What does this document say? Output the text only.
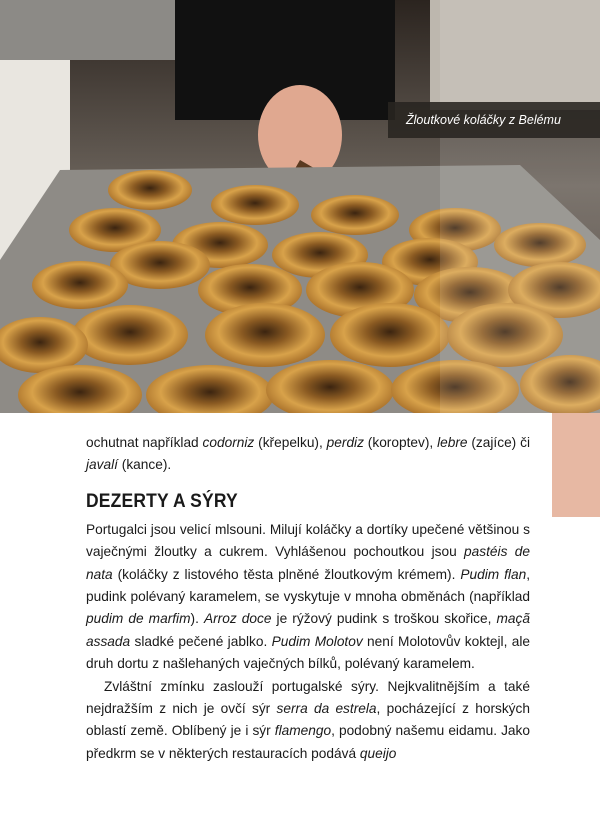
Žloutkové koláčky z Belému

ochutnat například codorniz (křepelku), perdiz (koroptev), lebre (zajíce) či javalí (kance).

DEZERTY A SÝRY

Portugalci jsou velicí mlsouni. Milují koláčky a dortíky upečené většinou s vaječnými žloutky a cukrem. Vyhlášenou pochoutkou jsou pastéis de nata (koláčky z listového těsta plněné žloutkovým krémem). Pudim flan, pudink polévaný karamelem, se vyskytuje v mnoha obměnách (například pudim de marfim). Arroz doce je rýžový pudink s troškou skořice, maçã assada sladké pečené jablko. Pudim Molotov není Molotovův koktejl, ale druh dortu z našlehaných vaječných bílků, polévaný karamelem.

Zvláštní zmínku zaslouží portugalské sýry. Nejkvalitnějším a také nejdražším z nich je ovčí sýr serra da estrela, pocházející z horských oblastí země. Oblíbený je i sýr flamengo, podobný našemu eidamu. Jako předkrm se v některých restauracích podává queijo
